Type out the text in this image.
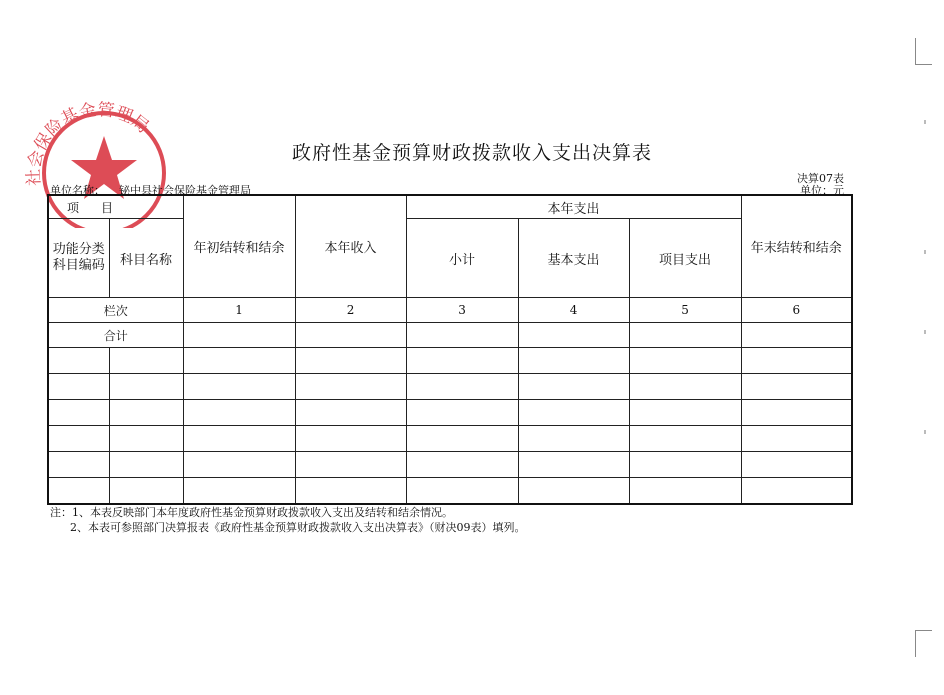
社会保险基金管理局
政府性基金预算财政拨款收入支出决算表
决算07表
单位名称： 铋中县社会保险基金管理局	单位：元
项目		年初结转和结余	本年收入	本年支出			年末结转和结余
功能分类科目编码	科目名称			小计	基本支出	项目支出	
栏次		1	2	3	4	5	6
合计							

注：1、本表反映部门本年度政府性基金预算财政拨款收入支出及结转和结余情况。
2、本表可参照部门决算报表《政府性基金预算财政拨款收入支出决算表》（财决09表）填列。
